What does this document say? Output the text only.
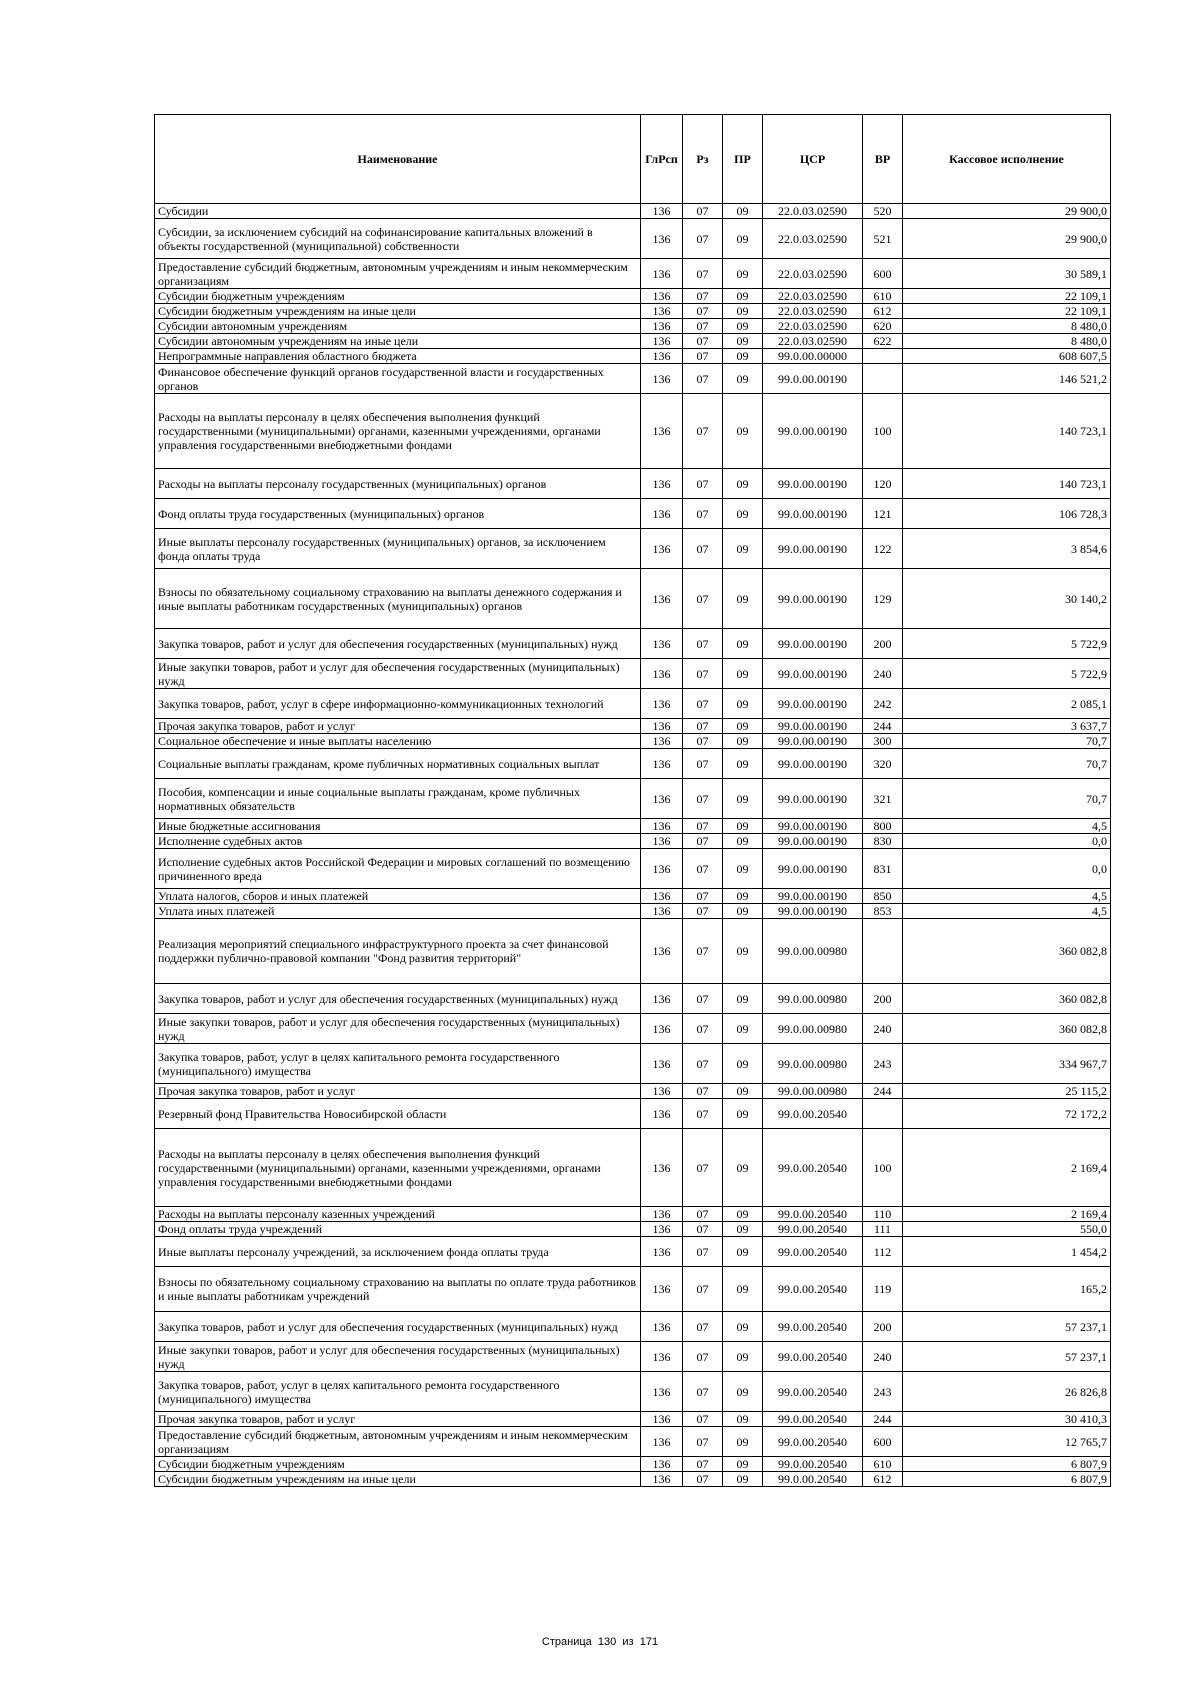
Наименование	ГлРсп	Рз	ПР	ЦСР	ВР	Кассовое исполнение
Субсидии	136	07	09	22.0.03.02590	520	29 900,0
Субсидии, за исключением субсидий на софинансирование капитальных вложений в объекты государственной (муниципальной) собственности	136	07	09	22.0.03.02590	521	29 900,0
Предоставление субсидий бюджетным, автономным учреждениям и иным некоммерческим организациям	136	07	09	22.0.03.02590	600	30 589,1
Субсидии бюджетным учреждениям	136	07	09	22.0.03.02590	610	22 109,1
Субсидии бюджетным учреждениям на иные цели	136	07	09	22.0.03.02590	612	22 109,1
Субсидии автономным учреждениям	136	07	09	22.0.03.02590	620	8 480,0
Субсидии автономным учреждениям на иные цели	136	07	09	22.0.03.02590	622	8 480,0
Непрограммные направления областного бюджета	136	07	09	99.0.00.00000		608 607,5
Финансовое обеспечение функций органов государственной власти и государственных органов	136	07	09	99.0.00.00190		146 521,2
Расходы на выплаты персоналу в целях обеспечения выполнения функций государственными (муниципальными) органами, казенными учреждениями, органами управления государственными внебюджетными фондами	136	07	09	99.0.00.00190	100	140 723,1
Расходы на выплаты персоналу государственных (муниципальных) органов	136	07	09	99.0.00.00190	120	140 723,1
Фонд оплаты труда государственных (муниципальных) органов	136	07	09	99.0.00.00190	121	106 728,3
Иные выплаты персоналу государственных (муниципальных) органов, за исключением фонда оплаты труда	136	07	09	99.0.00.00190	122	3 854,6
Взносы по обязательному социальному страхованию на выплаты денежного содержания и иные выплаты работникам государственных (муниципальных) органов	136	07	09	99.0.00.00190	129	30 140,2
Закупка товаров, работ и услуг для обеспечения государственных (муниципальных) нужд	136	07	09	99.0.00.00190	200	5 722,9
Иные закупки товаров, работ и услуг для обеспечения государственных (муниципальных) нужд	136	07	09	99.0.00.00190	240	5 722,9
Закупка товаров, работ, услуг в сфере информационно-коммуникационных технологий	136	07	09	99.0.00.00190	242	2 085,1
Прочая закупка товаров, работ и услуг	136	07	09	99.0.00.00190	244	3 637,7
Социальное обеспечение и иные выплаты населению	136	07	09	99.0.00.00190	300	70,7
Социальные выплаты гражданам, кроме публичных нормативных социальных выплат	136	07	09	99.0.00.00190	320	70,7
Пособия, компенсации и иные социальные выплаты гражданам, кроме публичных нормативных обязательств	136	07	09	99.0.00.00190	321	70,7
Иные бюджетные ассигнования	136	07	09	99.0.00.00190	800	4,5
Исполнение судебных актов	136	07	09	99.0.00.00190	830	0,0
Исполнение судебных актов Российской Федерации и мировых соглашений по возмещению причиненного вреда	136	07	09	99.0.00.00190	831	0,0
Уплата налогов, сборов и иных платежей	136	07	09	99.0.00.00190	850	4,5
Уплата иных платежей	136	07	09	99.0.00.00190	853	4,5
Реализация мероприятий специального инфраструктурного проекта за счет финансовой поддержки публично-правовой компании "Фонд развития территорий"	136	07	09	99.0.00.00980		360 082,8
Закупка товаров, работ и услуг для обеспечения государственных (муниципальных) нужд	136	07	09	99.0.00.00980	200	360 082,8
Иные закупки товаров, работ и услуг для обеспечения государственных (муниципальных) нужд	136	07	09	99.0.00.00980	240	360 082,8
Закупка товаров, работ, услуг в целях капитального ремонта государственного (муниципального) имущества	136	07	09	99.0.00.00980	243	334 967,7
Прочая закупка товаров, работ и услуг	136	07	09	99.0.00.00980	244	25 115,2
Резервный фонд Правительства Новосибирской области	136	07	09	99.0.00.20540		72 172,2
Расходы на выплаты персоналу в целях обеспечения выполнения функций государственными (муниципальными) органами, казенными учреждениями, органами управления государственными внебюджетными фондами	136	07	09	99.0.00.20540	100	2 169,4
Расходы на выплаты персоналу казенных учреждений	136	07	09	99.0.00.20540	110	2 169,4
Фонд оплаты труда учреждений	136	07	09	99.0.00.20540	111	550,0
Иные выплаты персоналу учреждений, за исключением фонда оплаты труда	136	07	09	99.0.00.20540	112	1 454,2
Взносы по обязательному социальному страхованию на выплаты по оплате труда работников и иные выплаты работникам учреждений	136	07	09	99.0.00.20540	119	165,2
Закупка товаров, работ и услуг для обеспечения государственных (муниципальных) нужд	136	07	09	99.0.00.20540	200	57 237,1
Иные закупки товаров, работ и услуг для обеспечения государственных (муниципальных) нужд	136	07	09	99.0.00.20540	240	57 237,1
Закупка товаров, работ, услуг в целях капитального ремонта государственного (муниципального) имущества	136	07	09	99.0.00.20540	243	26 826,8
Прочая закупка товаров, работ и услуг	136	07	09	99.0.00.20540	244	30 410,3
Предоставление субсидий бюджетным, автономным учреждениям и иным некоммерческим организациям	136	07	09	99.0.00.20540	600	12 765,7
Субсидии бюджетным учреждениям	136	07	09	99.0.00.20540	610	6 807,9
Субсидии бюджетным учреждениям на иные цели	136	07	09	99.0.00.20540	612	6 807,9
Страница 130 из 171
